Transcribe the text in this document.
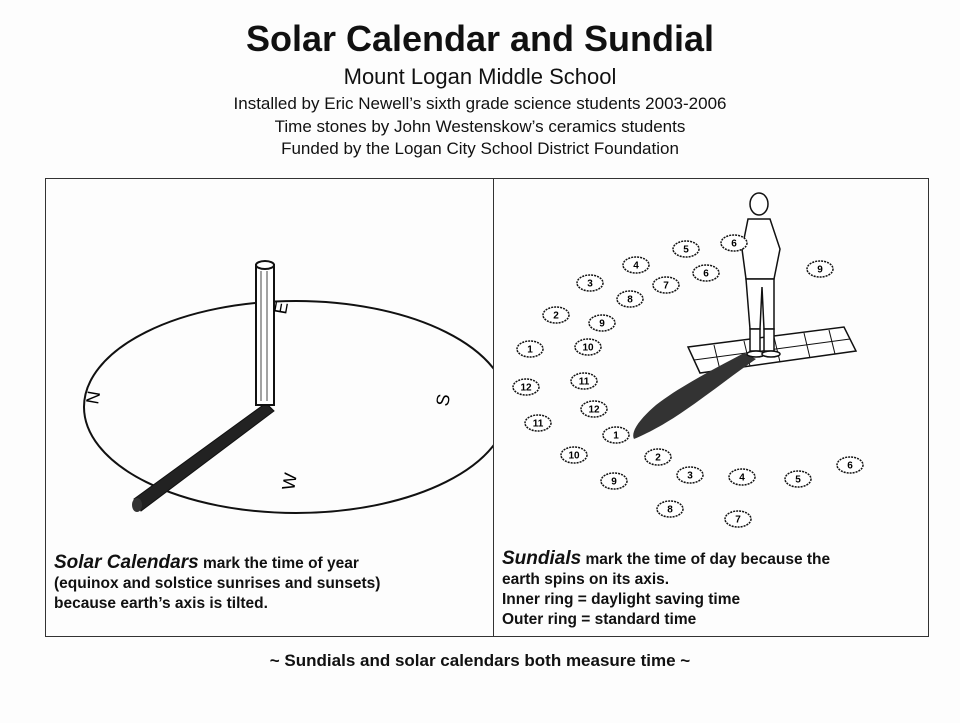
Solar Calendar and Sundial
Mount Logan Middle School
Installed by Eric Newell’s sixth grade science students 2003-2006
Time stones by John Westenskow’s ceramics students
Funded by the Logan City School District Foundation
N
E
S
W
Solar Calendars mark the time of year
(equinox and solstice sunrises and sunsets)
because earth’s axis is tilted.
6
5
4
3
2
1
12
11
10
9
8
7
6
5
4
3
2
1
12
11
10
9
8
7
6	9
Sundials mark the time of day because the
earth spins on its axis.
Inner ring = daylight saving time
Outer ring = standard time
~ Sundials and solar calendars both measure time ~
